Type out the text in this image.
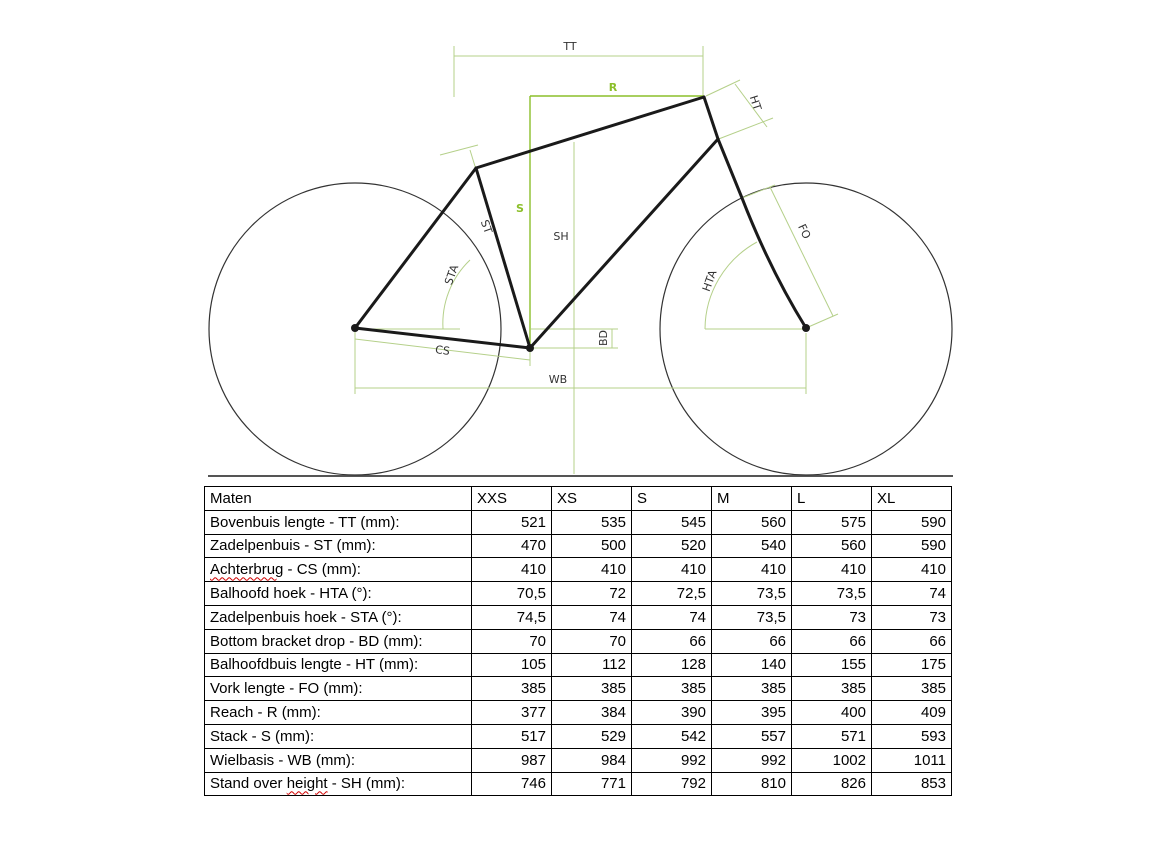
TT
R
HT
ST
S
SH
STA
FO
HTA
BD
CS
WB
Maten	XXS	XS	S	M	L	XL
Bovenbuis lengte - TT (mm):	521	535	545	560	575	590
Zadelpenbuis - ST (mm):	470	500	520	540	560	590
Achterbrug - CS (mm):	410	410	410	410	410	410
Balhoofd hoek - HTA (°):	70,5	72	72,5	73,5	73,5	74
Zadelpenbuis hoek - STA (°):	74,5	74	74	73,5	73	73
Bottom bracket drop - BD (mm):	70	70	66	66	66	66
Balhoofdbuis lengte - HT (mm):	105	112	128	140	155	175
Vork lengte - FO (mm):	385	385	385	385	385	385
Reach - R (mm):	377	384	390	395	400	409
Stack - S (mm):	517	529	542	557	571	593
Wielbasis - WB (mm):	987	984	992	992	1002	1011
Stand over height - SH (mm):	746	771	792	810	826	853
